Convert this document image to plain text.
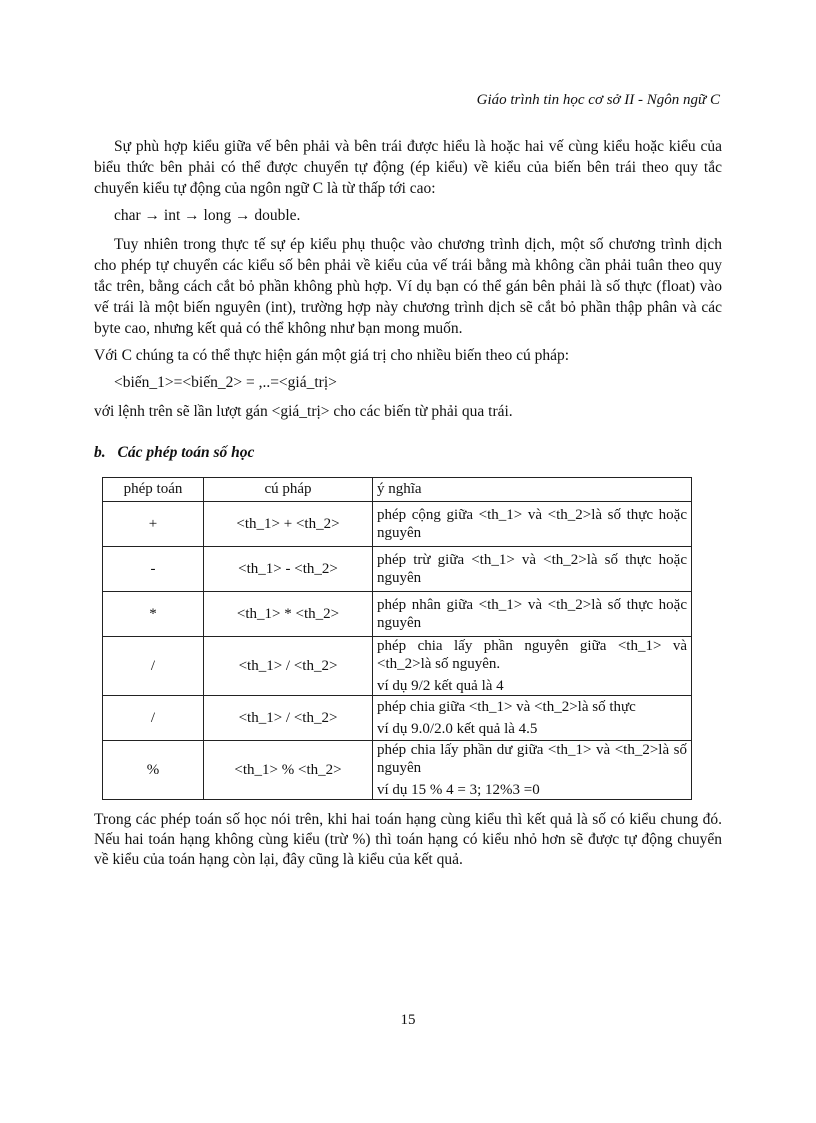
Giáo trình tin học cơ sở II - Ngôn ngữ C

Sự phù hợp kiểu giữa vế bên phải và bên trái được hiểu là hoặc hai vế cùng kiểu hoặc kiểu của biểu thức bên phải có thể được chuyển tự động (ép kiểu) về kiểu của biến bên trái theo quy tắc chuyển kiểu tự động của ngôn ngữ C là từ thấp tới cao:

char → int → long → double.

Tuy nhiên trong thực tế sự ép kiểu phụ thuộc vào chương trình dịch, một số chương trình dịch cho phép tự chuyển các kiểu số bên phải về kiểu của vế trái bằng mà không cần phải tuân theo quy tắc trên, bằng cách cắt bỏ phần không phù hợp. Ví dụ bạn có thể gán bên phải là số thực (float) vào vế trái là một biến nguyên (int), trường hợp này chương trình dịch sẽ cắt bỏ phần thập phân và các byte cao, nhưng kết quả có thể không như bạn mong muốn.

Với C chúng ta có thể thực hiện gán một giá trị cho nhiều biến theo cú pháp:

<biến_1>=<biến_2> = ,..=<giá_trị>

với lệnh trên sẽ lần lượt gán <giá_trị> cho các biến từ phải qua trái.

b. Các phép toán số học
phép toán	cú pháp	ý nghĩa
+	<th_1> + <th_2>	phép cộng giữa <th_1> và <th_2>là số thực hoặc nguyên

-	<th_1> - <th_2>	phép trừ giữa <th_1> và <th_2>là số thực hoặc nguyên

*	<th_1> * <th_2>	phép nhân giữa <th_1> và <th_2>là số thực hoặc nguyên

/	<th_1> / <th_2>	phép chia lấy phần nguyên giữa <th_1> và <th_2>là số nguyên.
ví dụ 9/2 kết quả là 4

/	<th_1> / <th_2>	phép chia giữa <th_1> và <th_2>là số thực
ví dụ 9.0/2.0 kết quả là 4.5

%	<th_1> % <th_2>	phép chia lấy phần dư giữa <th_1> và <th_2>là số nguyên
ví dụ 15 % 4 = 3; 12%3 =0

Trong các phép toán số học nói trên, khi hai toán hạng cùng kiểu thì kết quả là số có kiểu chung đó. Nếu hai toán hạng không cùng kiểu (trừ %) thì toán hạng có kiểu nhỏ hơn sẽ được tự động chuyển về kiểu của toán hạng còn lại, đây cũng là kiểu của kết quả.

15
